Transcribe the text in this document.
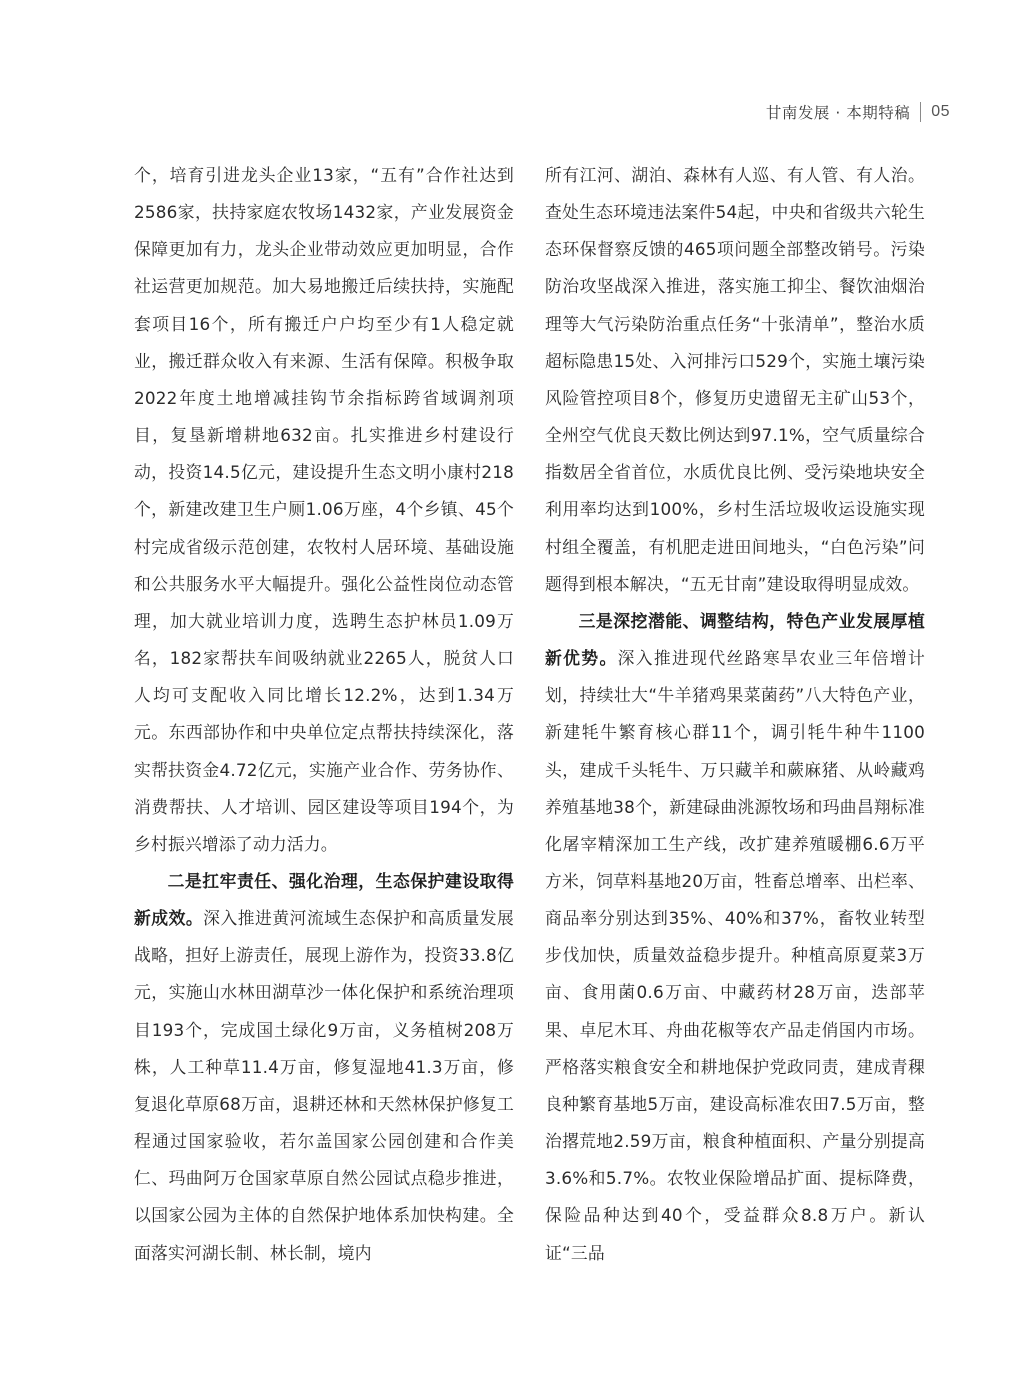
甘南发展 · 本期特稿 05

个，培育引进龙头企业13家，“五有”合作社达到2586家，扶持家庭农牧场1432家，产业发展资金保障更加有力，龙头企业带动效应更加明显，合作社运营更加规范。加大易地搬迁后续扶持，实施配套项目16个，所有搬迁户户均至少有1人稳定就业，搬迁群众收入有来源、生活有保障。积极争取2022年度土地增减挂钩节余指标跨省域调剂项目，复垦新增耕地632亩。扎实推进乡村建设行动，投资14.5亿元，建设提升生态文明小康村218个，新建改建卫生户厕1.06万座，4个乡镇、45个村完成省级示范创建，农牧村人居环境、基础设施和公共服务水平大幅提升。强化公益性岗位动态管理，加大就业培训力度，选聘生态护林员1.09万名，182家帮扶车间吸纳就业2265人，脱贫人口人均可支配收入同比增长12.2%，达到1.34万元。东西部协作和中央单位定点帮扶持续深化，落实帮扶资金4.72亿元，实施产业合作、劳务协作、消费帮扶、人才培训、园区建设等项目194个，为乡村振兴增添了动力活力。

二是扛牢责任、强化治理，生态保护建设取得新成效。深入推进黄河流域生态保护和高质量发展战略，担好上游责任，展现上游作为，投资33.8亿元，实施山水林田湖草沙一体化保护和系统治理项目193个，完成国土绿化9万亩，义务植树208万株，人工种草11.4万亩，修复湿地41.3万亩，修复退化草原68万亩，退耕还林和天然林保护修复工程通过国家验收，若尔盖国家公园创建和合作美仁、玛曲阿万仓国家草原自然公园试点稳步推进，以国家公园为主体的自然保护地体系加快构建。全面落实河湖长制、林长制，境内

所有江河、湖泊、森林有人巡、有人管、有人治。查处生态环境违法案件54起，中央和省级共六轮生态环保督察反馈的465项问题全部整改销号。污染防治攻坚战深入推进，落实施工抑尘、餐饮油烟治理等大气污染防治重点任务“十张清单”，整治水质超标隐患15处、入河排污口529个，实施土壤污染风险管控项目8个，修复历史遗留无主矿山53个，全州空气优良天数比例达到97.1%，空气质量综合指数居全省首位，水质优良比例、受污染地块安全利用率均达到100%，乡村生活垃圾收运设施实现村组全覆盖，有机肥走进田间地头，“白色污染”问题得到根本解决，“五无甘南”建设取得明显成效。

三是深挖潜能、调整结构，特色产业发展厚植新优势。深入推进现代丝路寒旱农业三年倍增计划，持续壮大“牛羊猪鸡果菜菌药”八大特色产业，新建牦牛繁育核心群11个，调引牦牛种牛1100头，建成千头牦牛、万只藏羊和蕨麻猪、从岭藏鸡养殖基地38个，新建碌曲洮源牧场和玛曲昌翔标准化屠宰精深加工生产线，改扩建养殖暖棚6.6万平方米，饲草料基地20万亩，牲畜总增率、出栏率、商品率分别达到35%、40%和37%，畜牧业转型步伐加快，质量效益稳步提升。种植高原夏菜3万亩、食用菌0.6万亩、中藏药材28万亩，迭部苹果、卓尼木耳、舟曲花椒等农产品走俏国内市场。严格落实粮食安全和耕地保护党政同责，建成青稞良种繁育基地5万亩，建设高标准农田7.5万亩，整治撂荒地2.59万亩，粮食种植面积、产量分别提高3.6%和5.7%。农牧业保险增品扩面、提标降费，保险品种达到40个，受益群众8.8万户。新认证“三品
